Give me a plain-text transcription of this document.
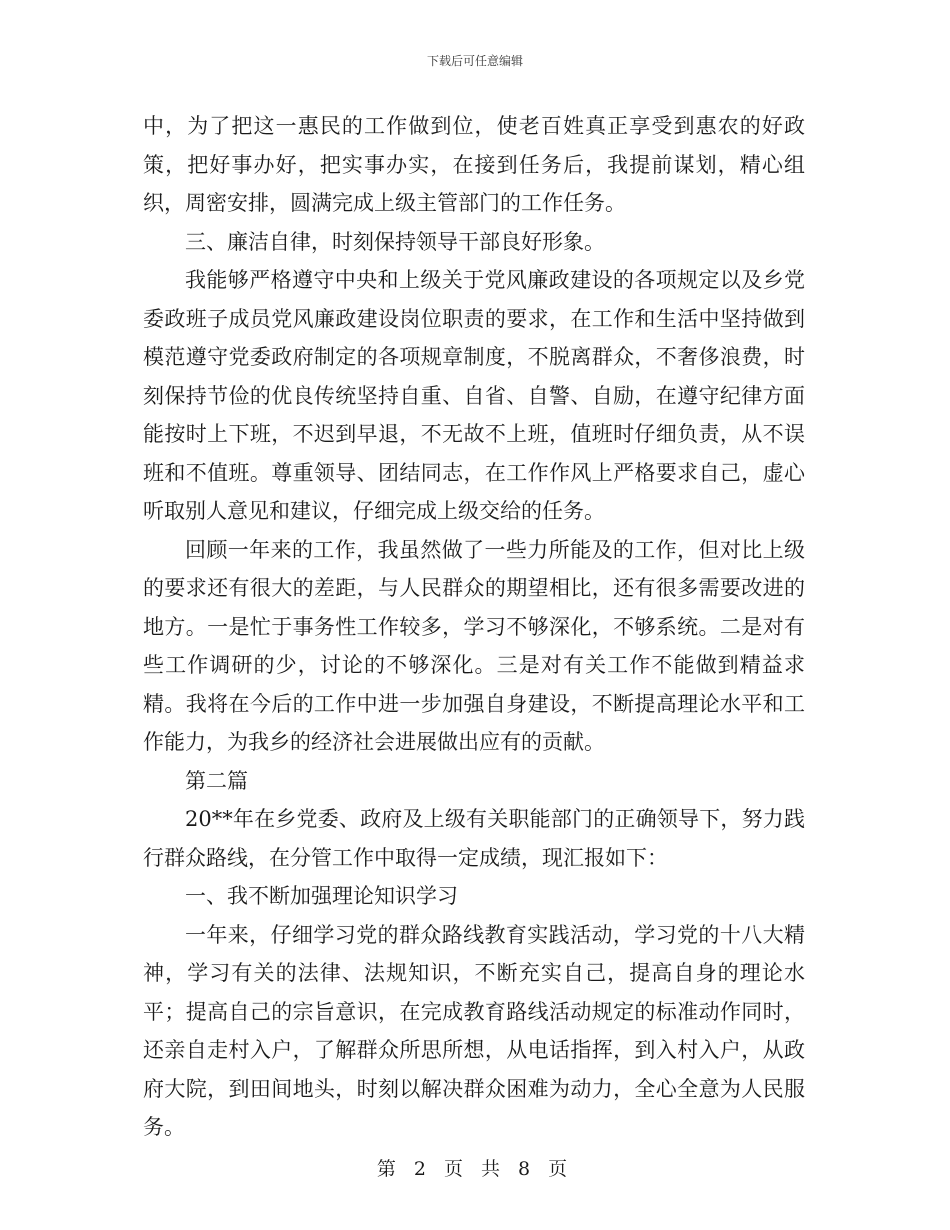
下载后可任意编辑

中，为了把这一惠民的工作做到位，使老百姓真正享受到惠农的好政策，把好事办好，把实事办实，在接到任务后，我提前谋划，精心组织，周密安排，圆满完成上级主管部门的工作任务。

三、廉洁自律，时刻保持领导干部良好形象。

我能够严格遵守中央和上级关于党风廉政建设的各项规定以及乡党委政班子成员党风廉政建设岗位职责的要求，在工作和生活中坚持做到模范遵守党委政府制定的各项规章制度，不脱离群众，不奢侈浪费，时刻保持节俭的优良传统坚持自重、自省、自警、自励，在遵守纪律方面能按时上下班，不迟到早退，不无故不上班，值班时仔细负责，从不误班和不值班。尊重领导、团结同志，在工作作风上严格要求自己，虚心听取别人意见和建议，仔细完成上级交给的任务。

回顾一年来的工作，我虽然做了一些力所能及的工作，但对比上级的要求还有很大的差距，与人民群众的期望相比，还有很多需要改进的地方。一是忙于事务性工作较多，学习不够深化，不够系统。二是对有些工作调研的少，讨论的不够深化。三是对有关工作不能做到精益求精。我将在今后的工作中进一步加强自身建设，不断提高理论水平和工作能力，为我乡的经济社会进展做出应有的贡献。

第二篇

20**年在乡党委、政府及上级有关职能部门的正确领导下，努力践行群众路线，在分管工作中取得一定成绩，现汇报如下：

一、我不断加强理论知识学习

一年来，仔细学习党的群众路线教育实践活动，学习党的十八大精神，学习有关的法律、法规知识，不断充实自己，提高自身的理论水平；提高自己的宗旨意识，在完成教育路线活动规定的标准动作同时，还亲自走村入户，了解群众所思所想，从电话指挥，到入村入户，从政府大院，到田间地头，时刻以解决群众困难为动力，全心全意为人民服务。

第 2 页 共 8 页
